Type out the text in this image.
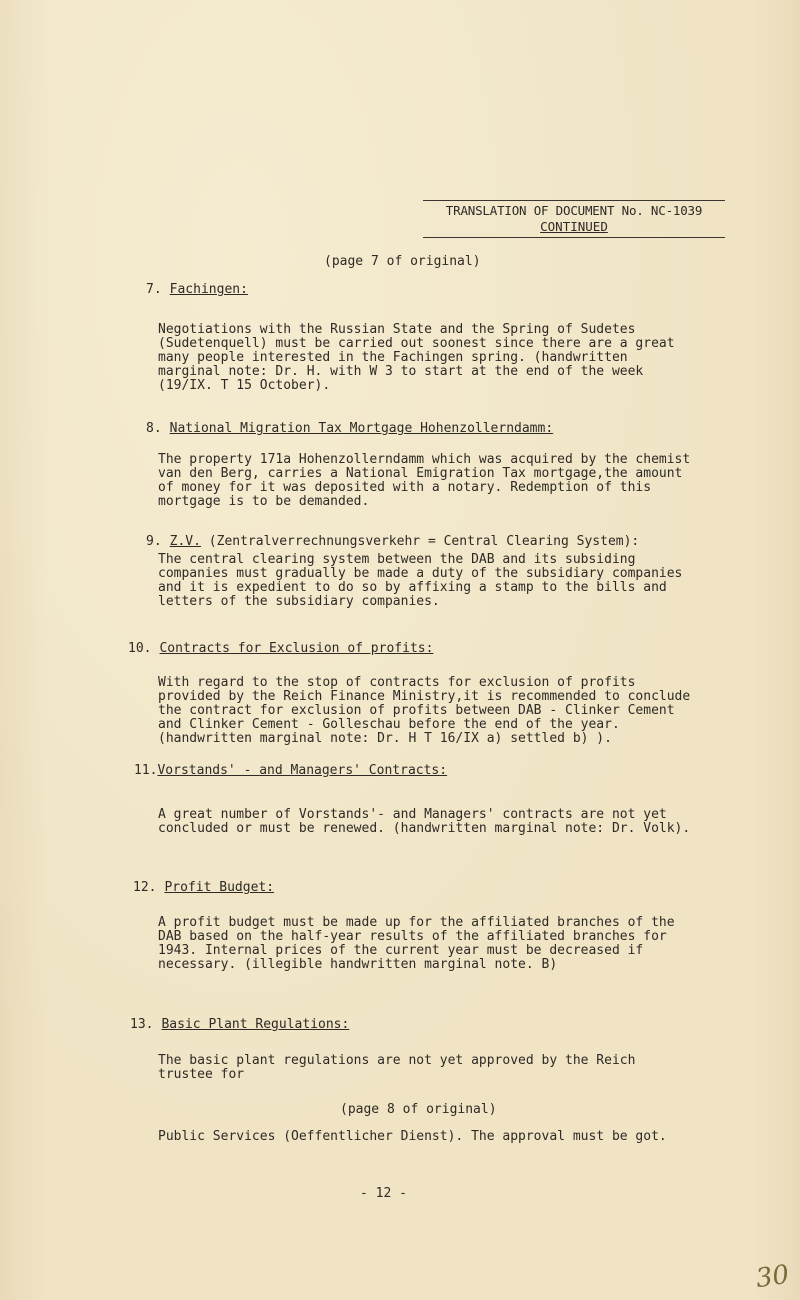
TRANSLATION OF DOCUMENT No. NC-1039
CONTINUED
(page 7 of original)
7. Fachingen:
Negotiations with the Russian State and the Spring of Sudetes (Sudetenquell) must be carried out soonest since there are a great many people interested in the Fachingen spring. (handwritten marginal note: Dr. H. with W 3 to start at the end of the week (19/IX. T 15 October).
8. National Migration Tax Mortgage Hohenzollerndamm:
The property 171a Hohenzollerndamm which was acquired by the chemist van den Berg, carries a National Emigration Tax mortgage,the amount of money for it was deposited with a notary. Redemption of this mortgage is to be demanded.
9. Z.V. (Zentralverrechnungsverkehr = Central Clearing System):
The central clearing system between the DAB and its subsiding companies must gradually be made a duty of the subsidiary companies and it is expedient to do so by affixing a stamp to the bills and letters of the subsidiary companies.
10. Contracts for Exclusion of profits:
With regard to the stop of contracts for exclusion of profits provided by the Reich Finance Ministry,it is recommended to conclude the contract for exclusion of profits between DAB - Clinker Cement and Clinker Cement - Golleschau before the end of the year. (handwritten marginal note: Dr. H T 16/IX a) settled b) ).
11.Vorstands' - and Managers' Contracts:
A great number of Vorstands'- and Managers' contracts are not yet concluded or must be renewed. (handwritten marginal note: Dr. Volk).
12. Profit Budget:
A profit budget must be made up for the affiliated branches of the DAB based on the half-year results of the affiliated branches for 1943. Internal prices of the current year must be decreased if necessary. (illegible handwritten marginal note. B)
13. Basic Plant Regulations:
The basic plant regulations are not yet approved by the Reich trustee for
(page 8 of original)
Public Services (Oeffentlicher Dienst). The approval must be got.
- 12 -
30
